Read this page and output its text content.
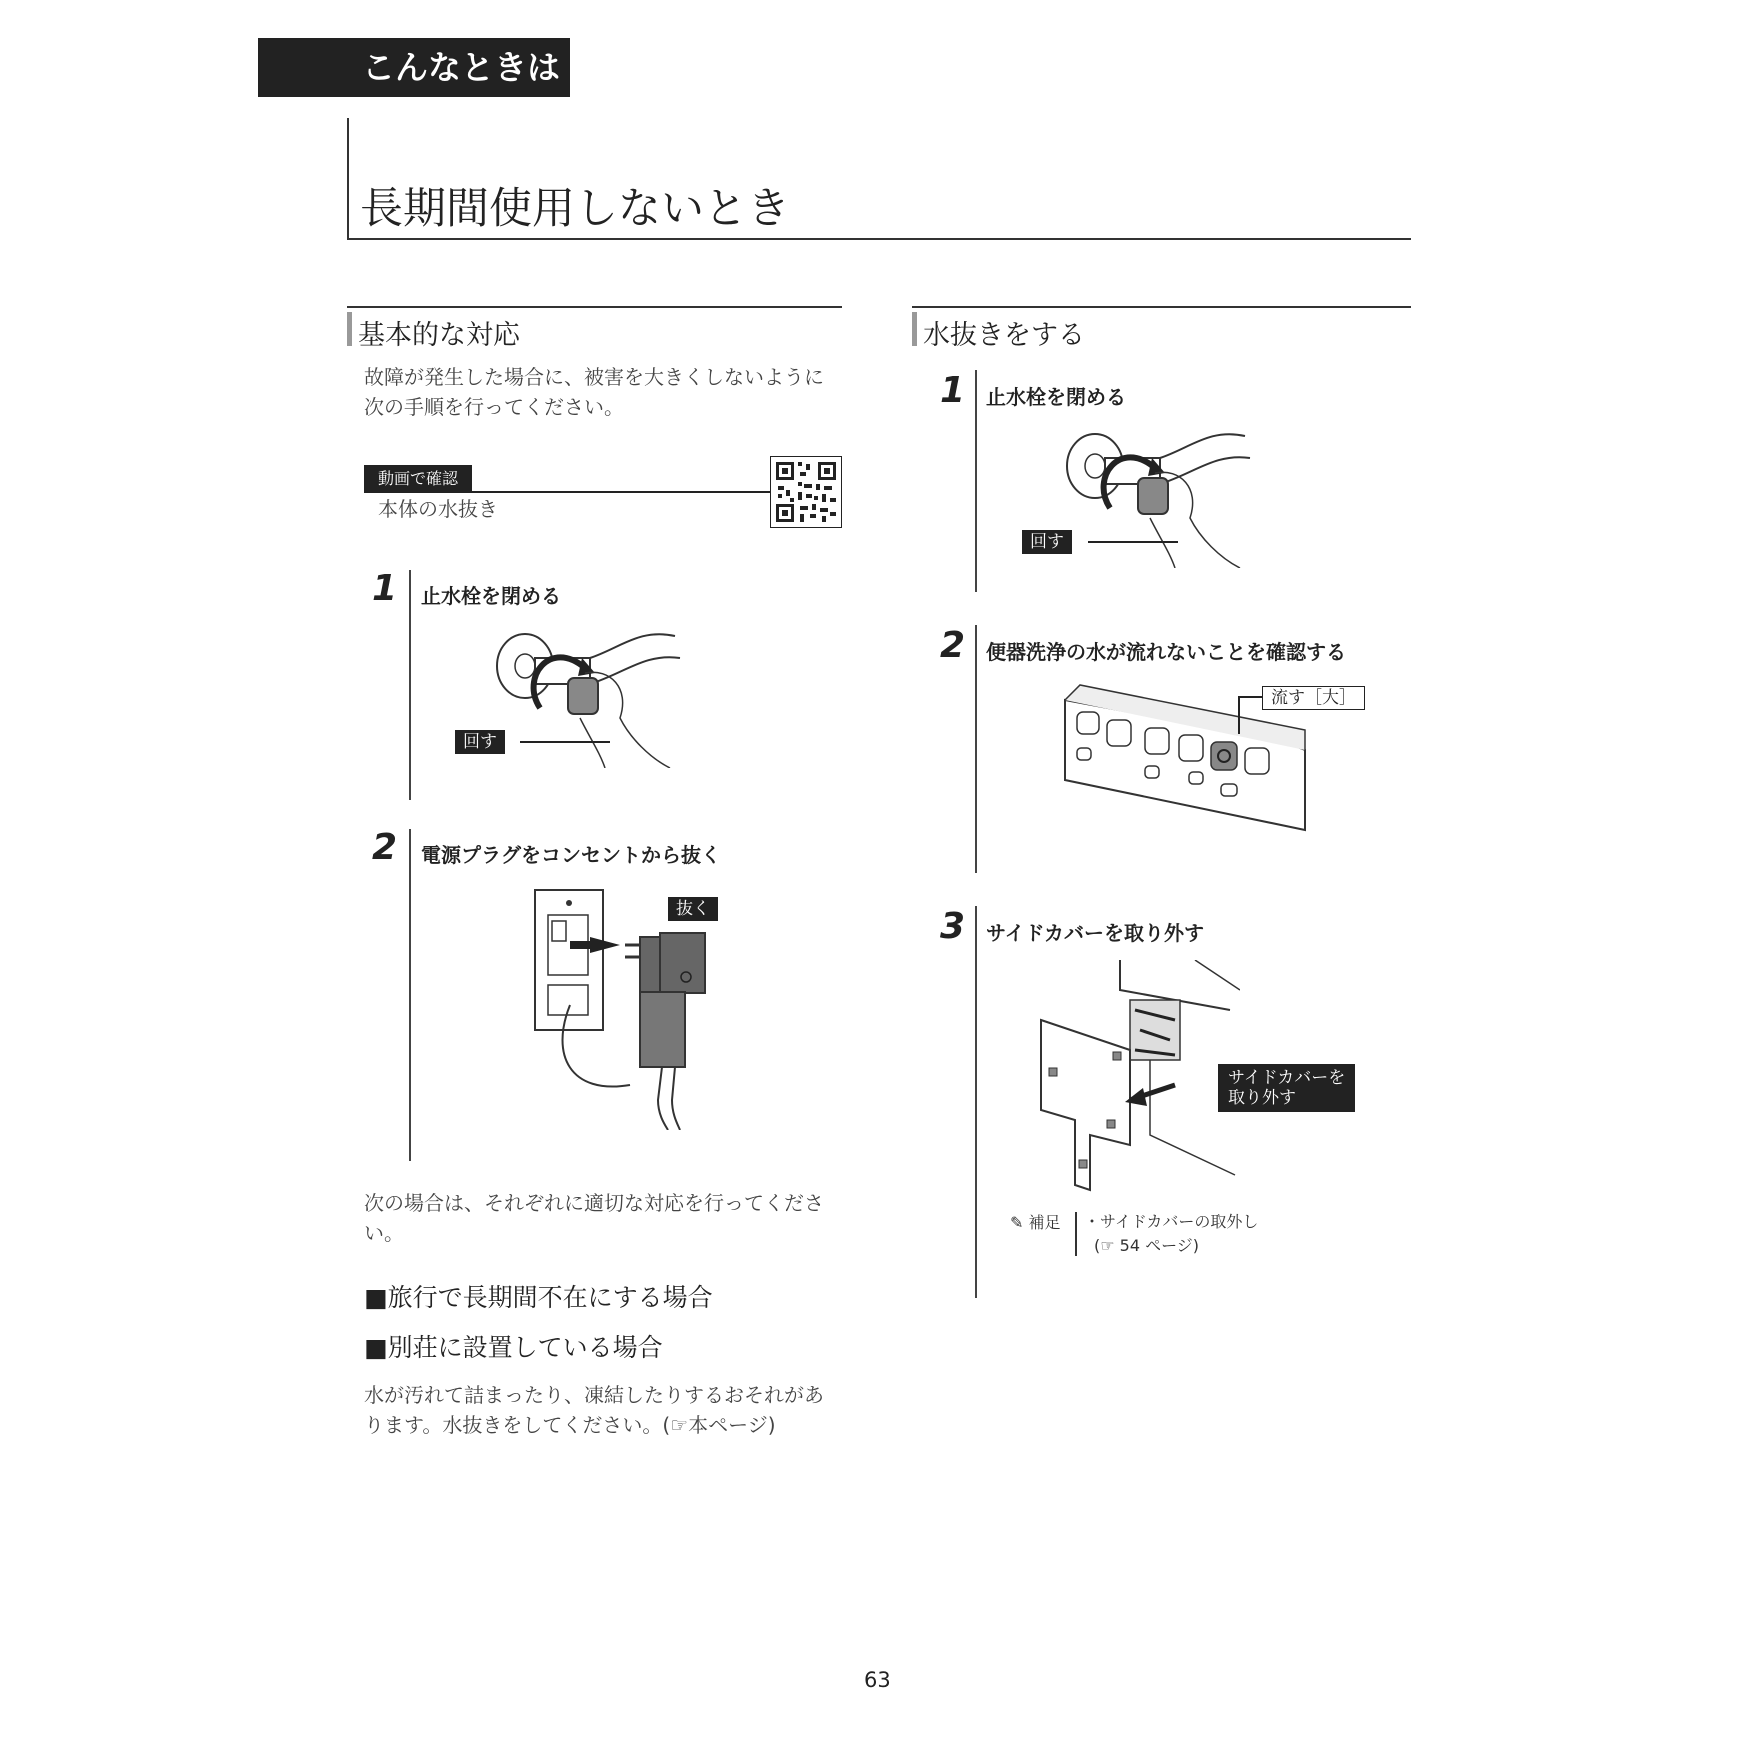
こんなときは
長期間使用しないとき
基本的な対応
故障が発生した場合に、被害を大きくしないように
次の手順を行ってください。
動画で確認
本体の水抜き
1 止水栓を閉める
回す
2 電源プラグをコンセントから抜く
抜く
次の場合は、それぞれに適切な対応を行ってくださ
い。
■旅行で長期間不在にする場合
■別荘に設置している場合
水が汚れて詰まったり、凍結したりするおそれがあ
ります。水抜きをしてください。(☞本ページ)
水抜きをする
1 止水栓を閉める
回す
2 便器洗浄の水が流れないことを確認する
流す［大］
3 サイドカバーを取り外す
サイドカバーを
取り外す
✎ 補足 ・サイドカバーの取外し
(☞ 54 ページ)
63
